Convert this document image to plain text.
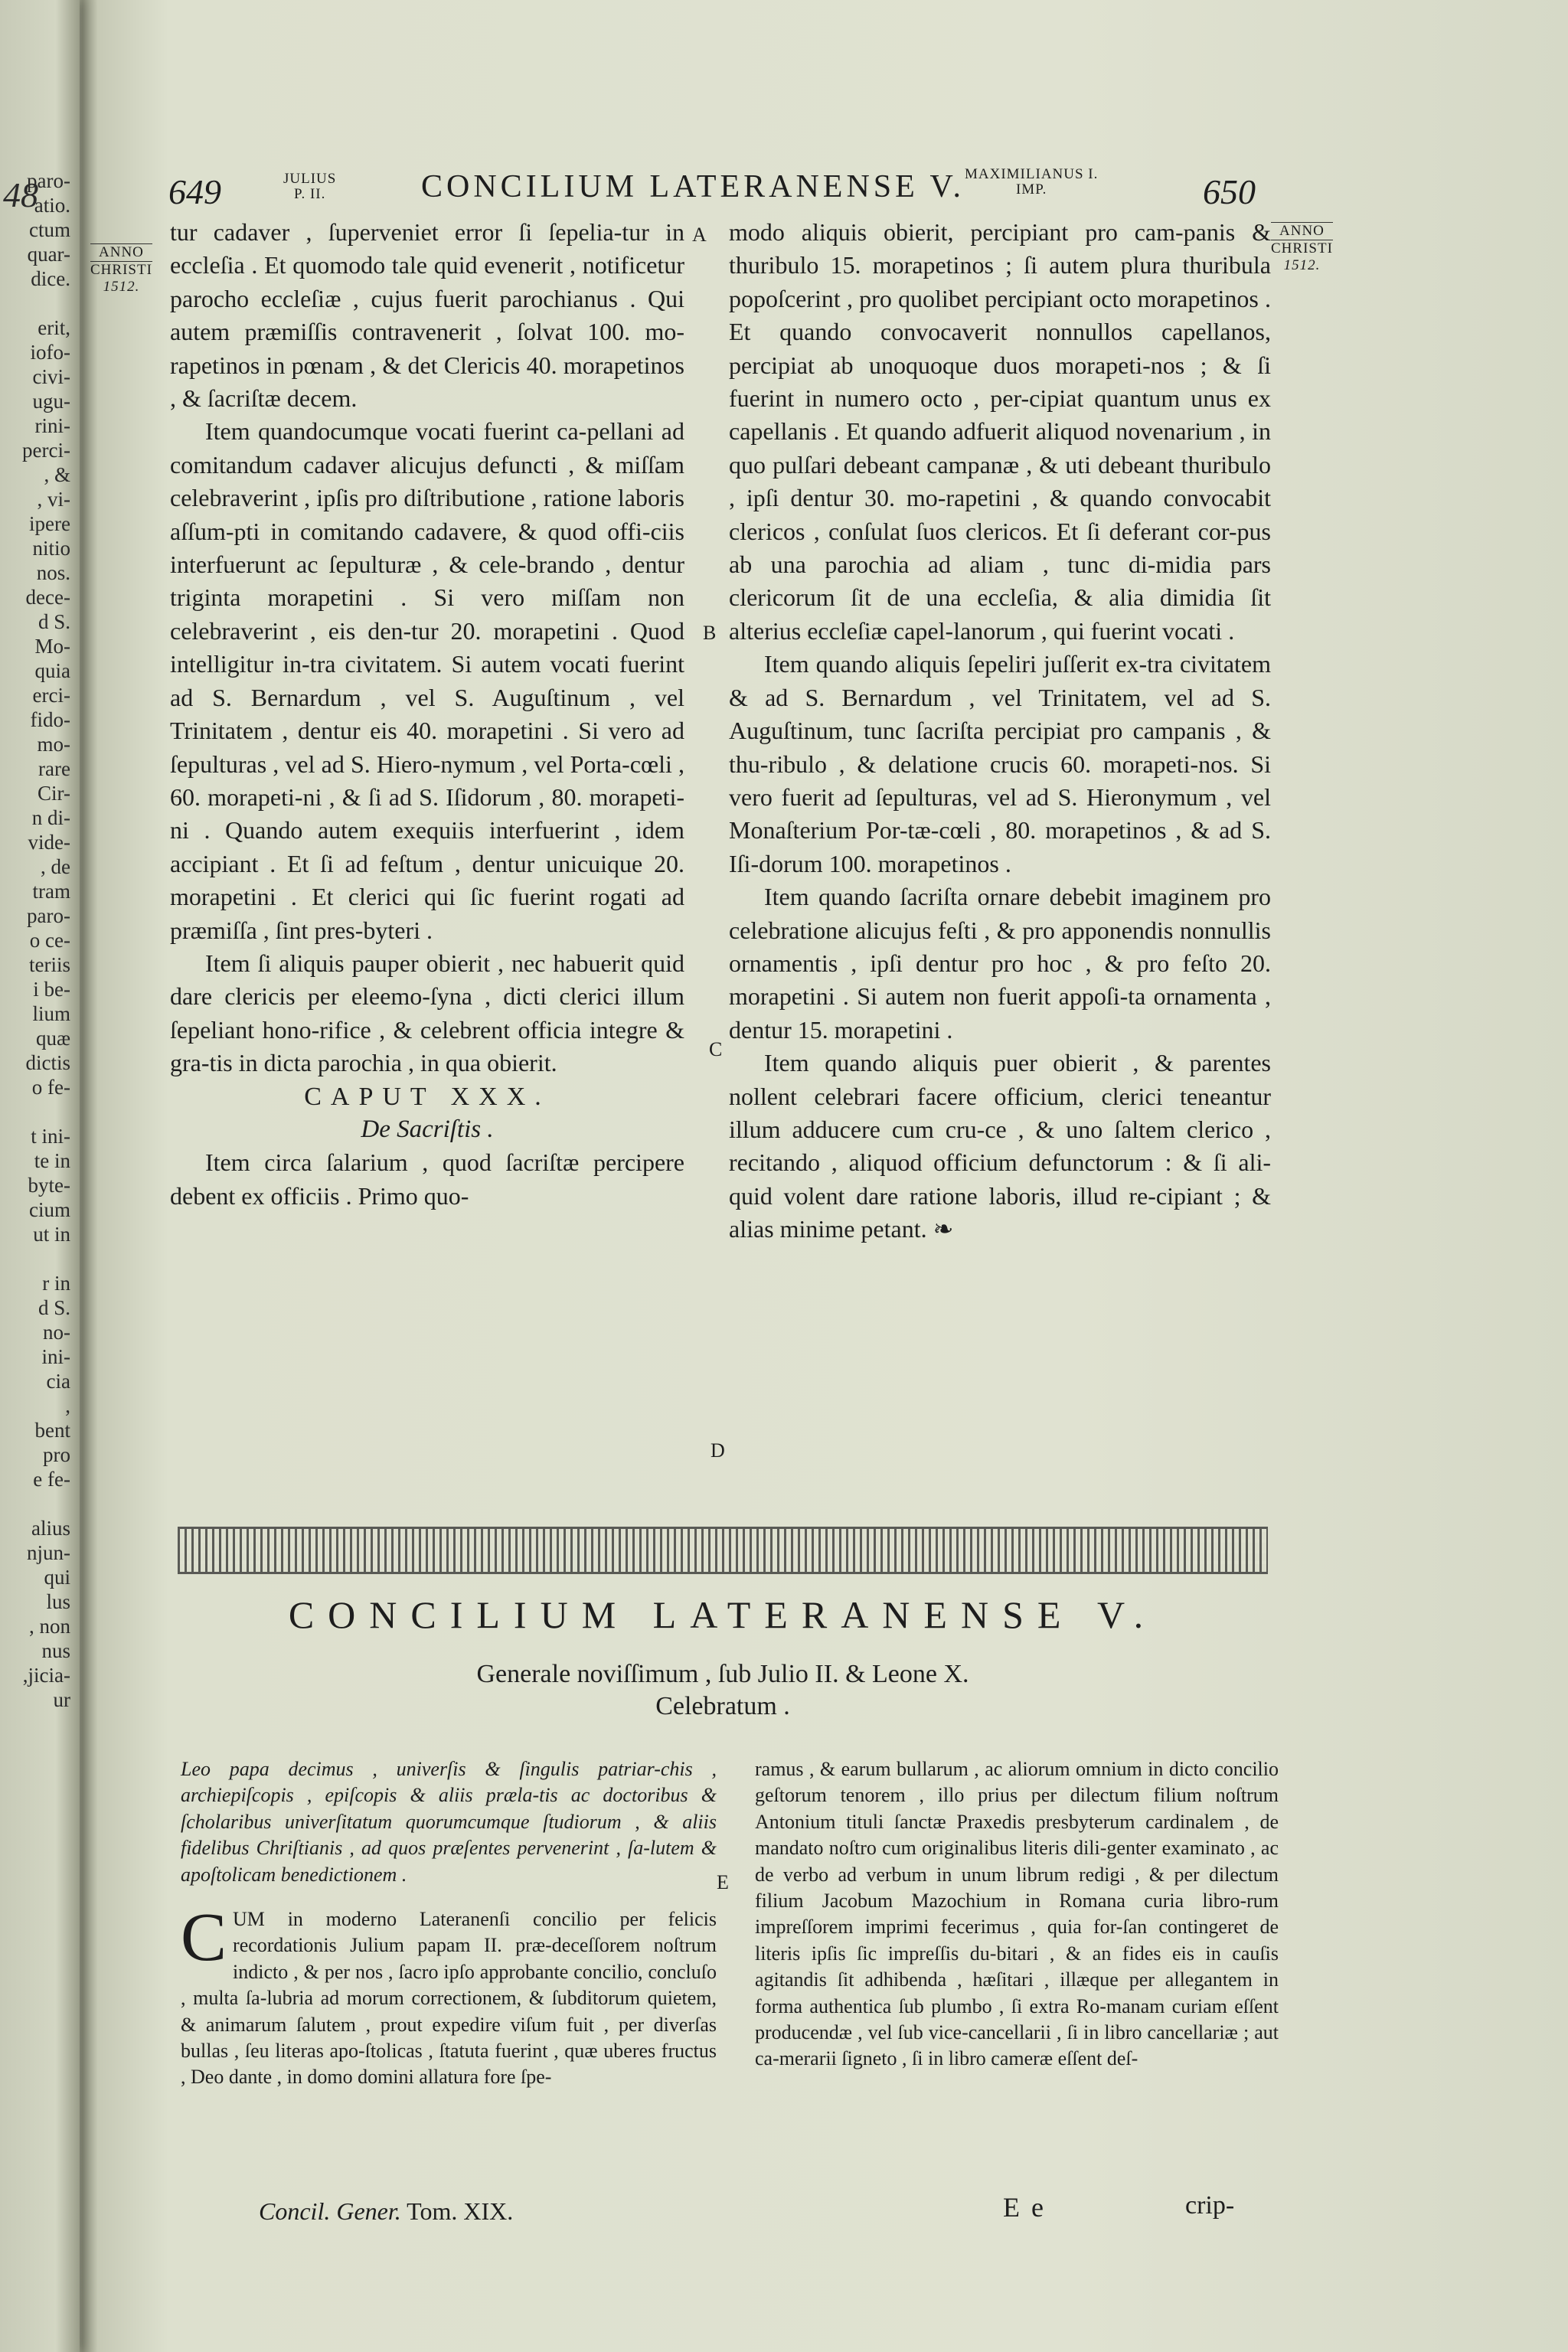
48
paro-
atio.
ctum
quar-
dice.

erit,
iofo-
civi-
ugu-
rini-
perci-
, &
, vi-
ipere
nitio
nos.
dece-
d S.
Mo-
quia
erci-
fido-
mo-
rare
Cir-
n di-
vide-
, de
tram
paro-
o ce-
teriis
i be-
lium
quæ
dictis
o fe-

t ini-
te in
byte-
cium
ut in

r in
d S.
no-
ini-
cia
,
bent
pro
e fe-

alius
njun-
qui
lus
, non
nus
,jicia-
ur
649	JULIUS
P. II.	CONCILIUM LATERANENSE V. MAXIMILIANUS I.
IMP.	650
ANNO
CHRISTI
1512.
ANNO
CHRISTI
1512.
A
B
C
D
E

tur cadaver , ſuperveniet error ſi ſepelia-tur in eccleſia . Et quomodo tale quid evenerit , notificetur parocho eccleſiæ , cujus fuerit parochianus . Qui autem præmiſſis contravenerit , ſolvat 100. mo-rapetinos in pœnam , & det Clericis 40. morapetinos , & ſacriſtæ decem.

Item quandocumque vocati fuerint ca-pellani ad comitandum cadaver alicujus defuncti , & miſſam celebraverint , ipſis pro diſtributione , ratione laboris aſſum-pti in comitando cadavere, & quod offi-ciis interfuerunt ac ſepulturæ , & cele-brando , dentur triginta morapetini . Si vero miſſam non celebraverint , eis den-tur 20. morapetini . Quod intelligitur in-tra civitatem. Si autem vocati fuerint ad S. Bernardum , vel S. Auguſtinum , vel Trinitatem , dentur eis 40. morapetini . Si vero ad ſepulturas , vel ad S. Hiero-nymum , vel Porta-cœli , 60. morapeti-ni , & ſi ad S. Iſidorum , 80. morapeti-ni . Quando autem exequiis interfuerint , idem accipiant . Et ſi ad feſtum , dentur unicuique 20. morapetini . Et clerici qui ſic fuerint rogati ad præmiſſa , ſint pres-byteri .

Item ſi aliquis pauper obierit , nec habuerit quid dare clericis per eleemo-ſyna , dicti clerici illum ſepeliant hono-rifice , & celebrent officia integre & gra-tis in dicta parochia , in qua obierit.

CAPUT XXX.

De Sacriſtis .

Item circa ſalarium , quod ſacriſtæ percipere debent ex officiis . Primo quo-

modo aliquis obierit, percipiant pro cam-panis & thuribulo 15. morapetinos ; ſi autem plura thuribula popoſcerint , pro quolibet percipiant octo morapetinos . Et quando convocaverit nonnullos capellanos, percipiat ab unoquoque duos morapeti-nos ; & ſi fuerint in numero octo , per-cipiat quantum unus ex capellanis . Et quando adfuerit aliquod novenarium , in quo pulſari debeant campanæ , & uti debeant thuribulo , ipſi dentur 30. mo-rapetini , & quando convocabit clericos , conſulat ſuos clericos. Et ſi deferant cor-pus ab una parochia ad aliam , tunc di-midia pars clericorum ſit de una eccleſia, & alia dimidia ſit alterius eccleſiæ capel-lanorum , qui fuerint vocati .

Item quando aliquis ſepeliri juſſerit ex-tra civitatem & ad S. Bernardum , vel Trinitatem, vel ad S. Auguſtinum, tunc ſacriſta percipiat pro campanis , & thu-ribulo , & delatione crucis 60. morapeti-nos. Si vero fuerit ad ſepulturas, vel ad S. Hieronymum , vel Monaſterium Por-tæ-cœli , 80. morapetinos , & ad S. Iſi-dorum 100. morapetinos .

Item quando ſacriſta ornare debebit imaginem pro celebratione alicujus feſti , & pro apponendis nonnullis ornamentis , ipſi dentur pro hoc , & pro feſto 20. morapetini . Si autem non fuerit appoſi-ta ornamenta , dentur 15. morapetini .

Item quando aliquis puer obierit , & parentes nollent celebrari facere officium, clerici teneantur illum adducere cum cru-ce , & uno ſaltem clerico , recitando , aliquod officium defunctorum : & ſi ali-quid volent dare ratione laboris, illud re-cipiant ; & alias minime petant. ❧

CONCILIUM LATERANENSE V.
Generale noviſſimum , ſub Julio II. & Leone X.
Celebratum .

Leo papa decimus , univerſis & ſingulis patriar-chis , archiepiſcopis , epiſcopis & aliis præla-tis ac doctoribus & ſcholaribus univerſitatum quorumcumque ſtudiorum , & aliis fidelibus Chriſtianis , ad quos præſentes pervenerint , ſa-lutem & apoſtolicam benedictionem .

CUM in moderno Lateranenſi concilio per felicis recordationis Julium papam II. præ-deceſſorem noſtrum indicto , & per nos , ſacro ipſo approbante concilio, concluſo , multa ſa-lubria ad morum correctionem, & ſubditorum quietem, & animarum ſalutem , prout expedire viſum fuit , per diverſas bullas , ſeu literas apo-ſtolicas , ſtatuta fuerint , quæ uberes fructus , Deo dante , in domo domini allatura fore ſpe-

ramus , & earum bullarum , ac aliorum omnium in dicto concilio geſtorum tenorem , illo prius per dilectum filium noſtrum Antonium tituli ſanctæ Praxedis presbyterum cardinalem , de mandato noſtro cum originalibus literis dili-genter examinato , ac de verbo ad verbum in unum librum redigi , & per dilectum filium Jacobum Mazochium in Romana curia libro-rum impreſſorem imprimi fecerimus , quia for-ſan contingeret de literis ipſis ſic impreſſis du-bitari , & an fides eis in cauſis agitandis ſit adhibenda , hæſitari , illæque per allegantem in forma authentica ſub plumbo , ſi extra Ro-manam curiam eſſent producendæ , vel ſub vice-cancellarii , ſi in libro cancellariæ ; aut ca-merarii ſigneto , ſi in libro cameræ eſſent deſ-

Concil. Gener. Tom. XIX.	E e	crip-
